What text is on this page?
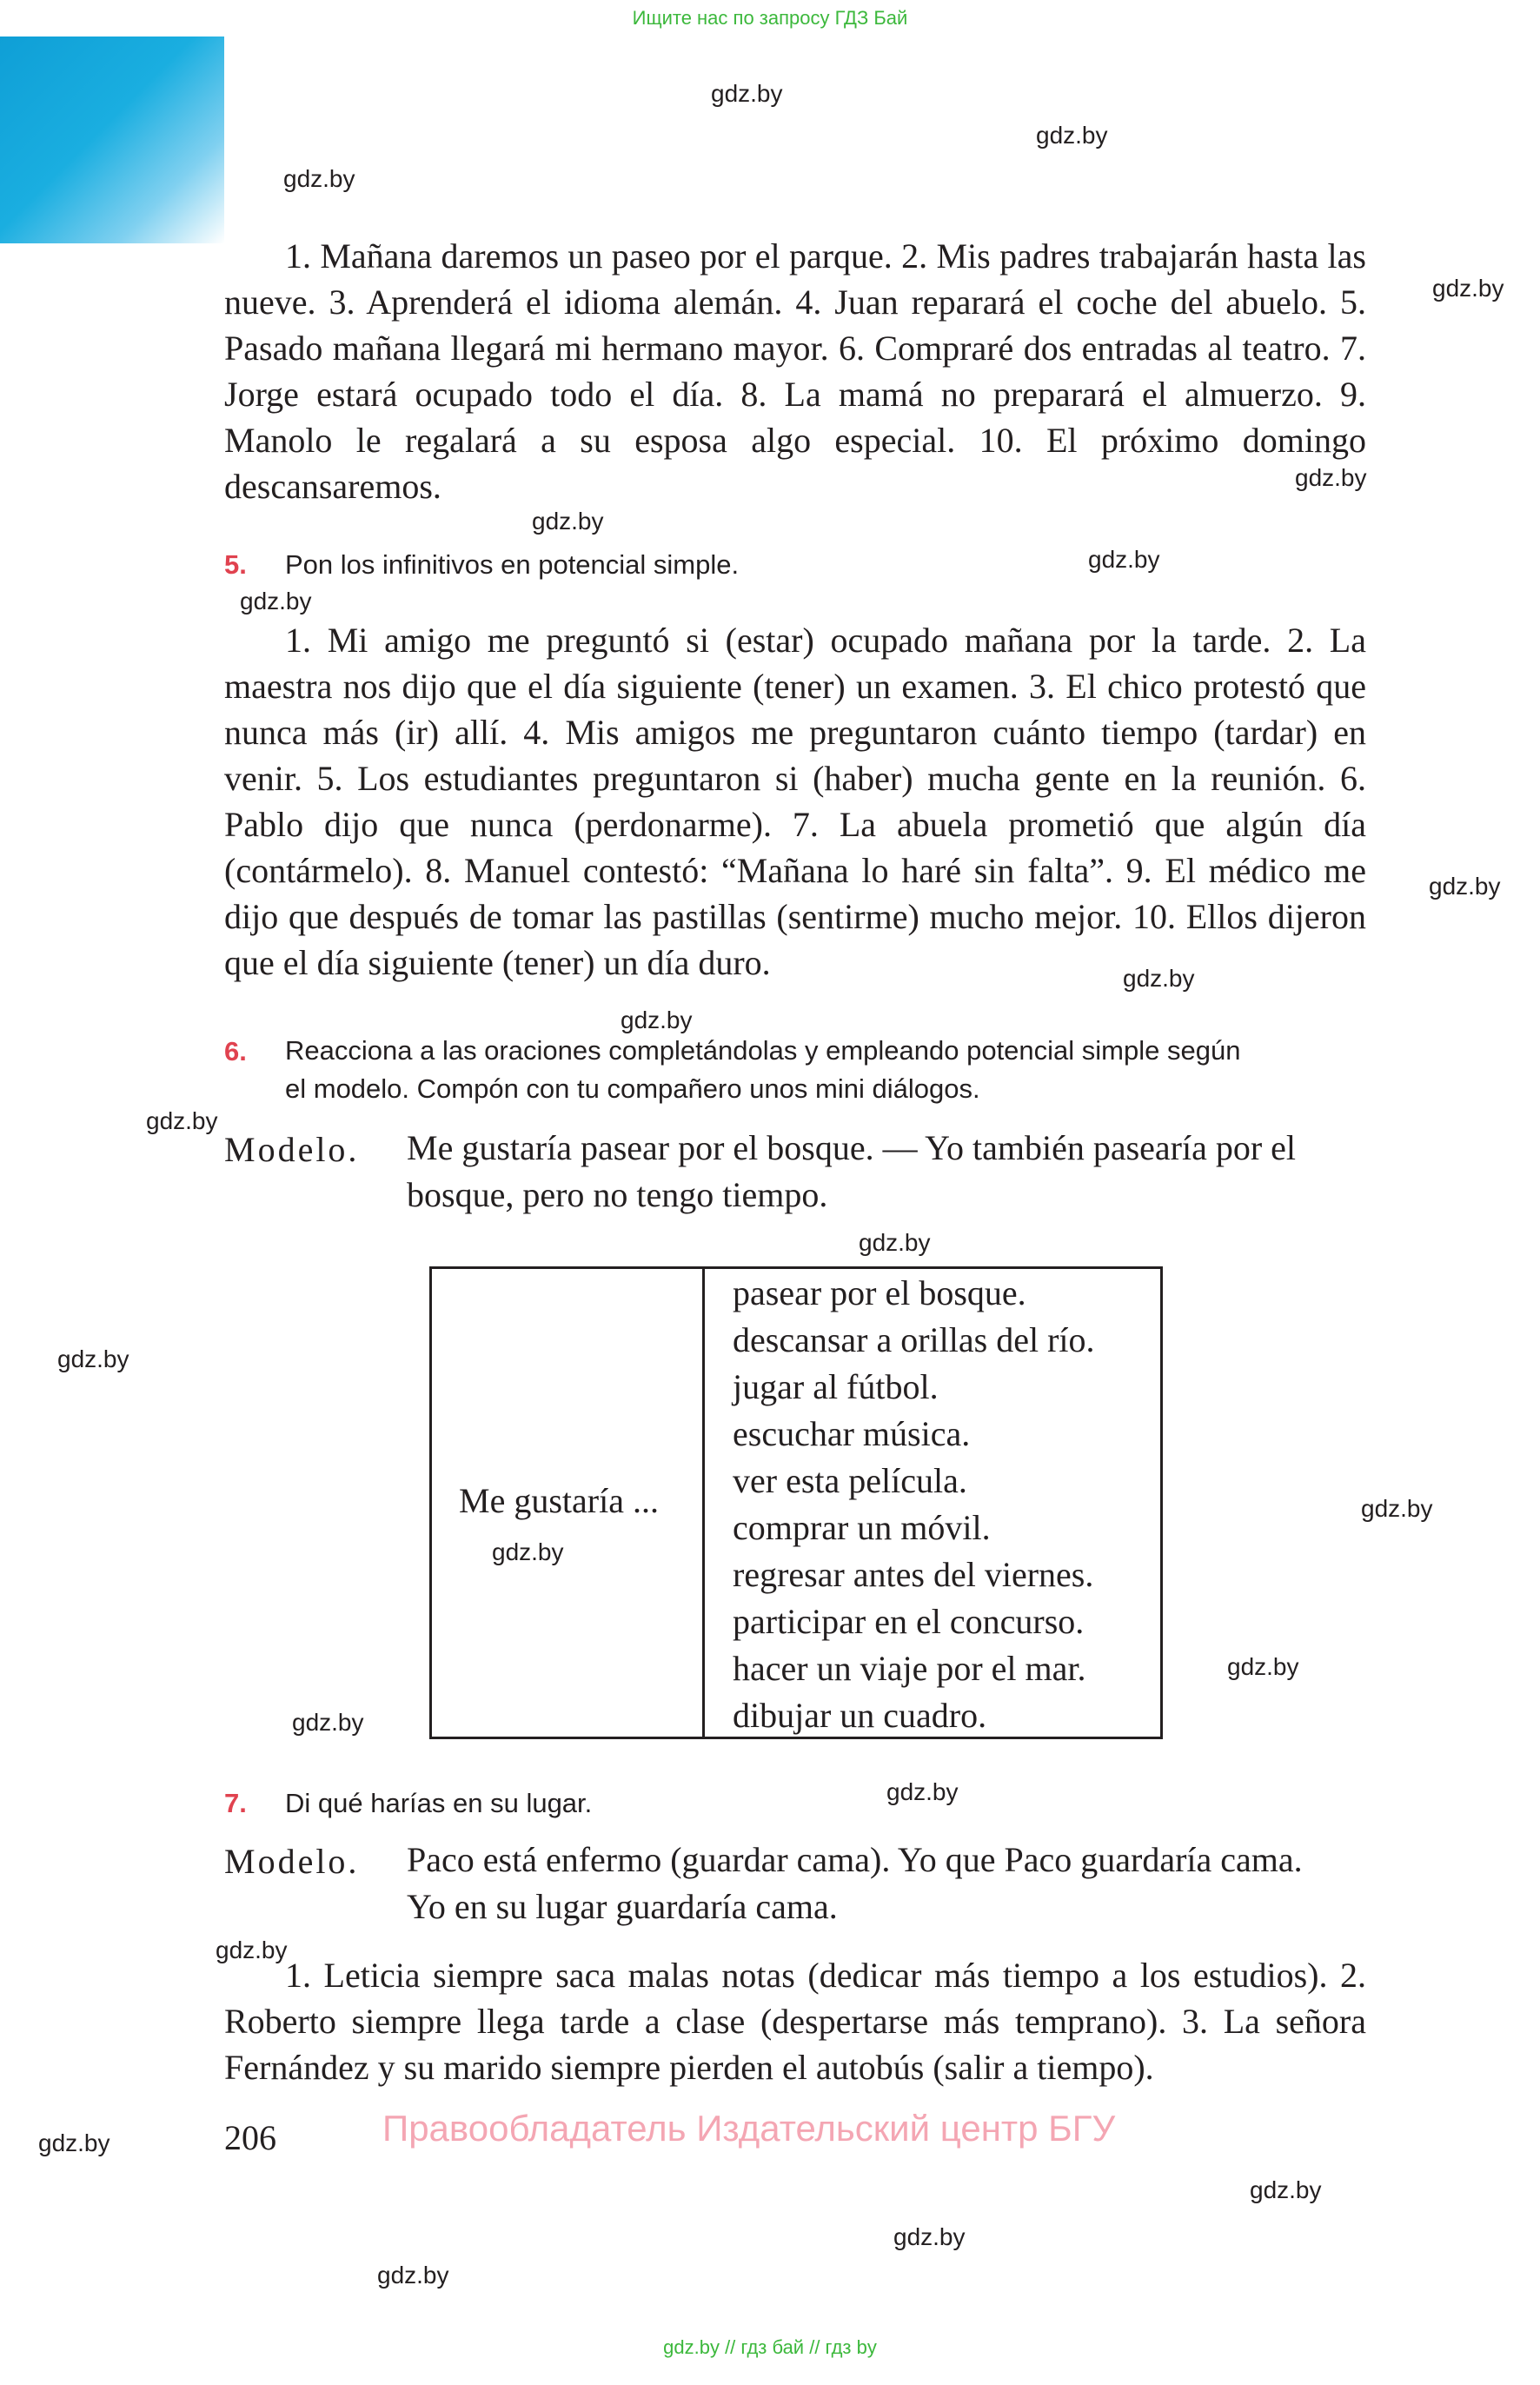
Ищите нас по запросу ГДЗ Бай
1. Mañana daremos un paseo por el parque. 2. Mis padres trabajarán hasta las nueve. 3. Aprenderá el idioma alemán. 4. Juan reparará el coche del abuelo. 5. Pasado mañana llegará mi hermano mayor. 6. Compraré dos entradas al teatro. 7. Jorge estará ocupado todo el día. 8. La mamá no preparará el almuerzo. 9. Manolo le regalará a su esposa algo especial. 10. El próximo domingo descansaremos.
5. Pon los infinitivos en potencial simple.
1. Mi amigo me preguntó si (estar) ocupado mañana por la tarde. 2. La maestra nos dijo que el día siguiente (tener) un examen. 3. El chico protestó que nunca más (ir) allí. 4. Mis amigos me preguntaron cuánto tiempo (tardar) en venir. 5. Los estudiantes preguntaron si (haber) mucha gente en la reunión. 6. Pablo dijo que nunca (perdonarme). 7. La abuela prometió que algún día (contármelo). 8. Manuel contestó: “Mañana lo haré sin falta”. 9. El médico me dijo que después de tomar las pastillas (sentirme) mucho mejor. 10. Ellos dijeron que el día siguiente (tener) un día duro.
6. Reacciona a las oraciones completándolas y empleando potencial simple según
el modelo. Compón con tu compañero unos mini diálogos.
Modelo. Me gustaría pasear por el bosque. — Yo también pasearía por el
bosque, pero no tengo tiempo.
Me gustaría ...
pasear por el bosque.
descansar a orillas del río.
jugar al fútbol.
escuchar música.
ver esta película.
comprar un móvil.
regresar antes del viernes.
participar en el concurso.
hacer un viaje por el mar.
dibujar un cuadro.
7. Di qué harías en su lugar.
Modelo. Paco está enfermo (guardar cama). Yo que Paco guardaría cama.
Yo en su lugar guardaría cama.
1. Leticia siempre saca malas notas (dedicar más tiempo a los estudios). 2. Roberto siempre llega tarde a clase (despertarse más temprano). 3. La señora Fernández y su marido siempre pierden el autobús (salir a tiempo).
206	Правообладатель Издательский центр БГУ
gdz.by // гдз бай // гдз by
gdz.by
gdz.by
gdz.by
gdz.by
gdz.by
gdz.by
gdz.by
gdz.by
gdz.by
gdz.by
gdz.by
gdz.by
gdz.by
gdz.by
gdz.by
gdz.by
gdz.by
gdz.by
gdz.by
gdz.by
gdz.by
gdz.by
gdz.by
gdz.by
